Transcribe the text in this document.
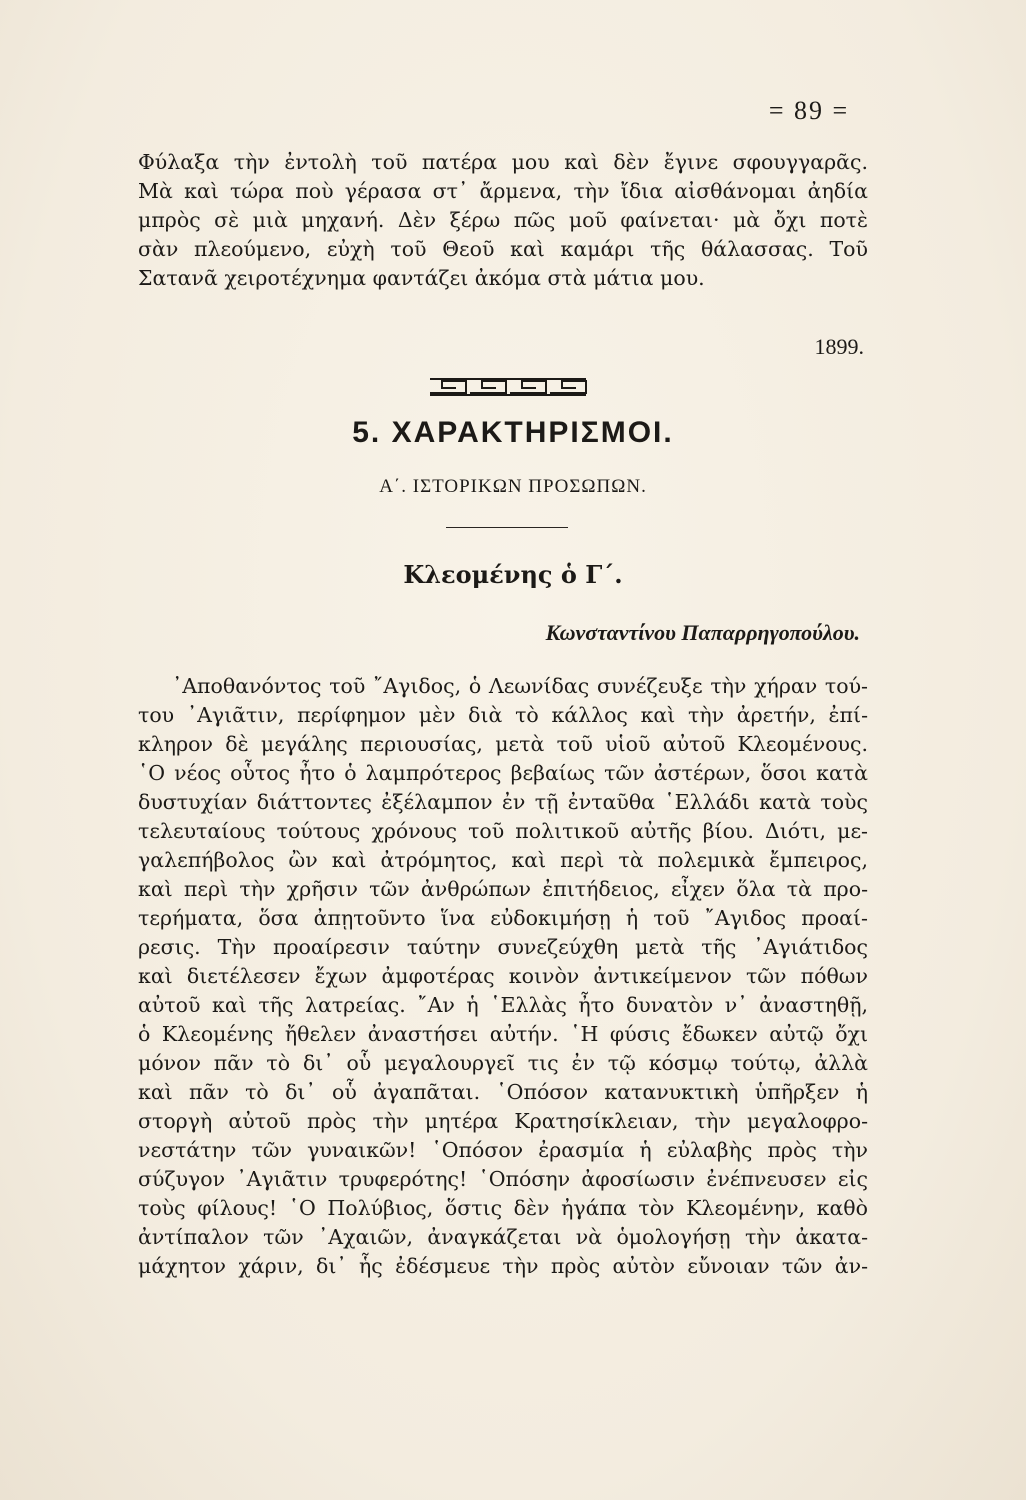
= 89 =
Φύλαξα τὴν ἐντολὴ τοῦ πατέρα μου καὶ δὲν ἔγινε σφουγγαρᾶς.
Μὰ καὶ τώρα ποὺ γέρασα στ᾽ ἄρμενα, τὴν ἴδια αἰσθάνομαι ἀηδία
μπρὸς σὲ μιὰ μηχανή. Δὲν ξέρω πῶς μοῦ φαίνεται· μὰ ὄχι ποτὲ
σὰν πλεούμενο, εὐχὴ τοῦ Θεοῦ καὶ καμάρι τῆς θάλασσας. Τοῦ
Σατανᾶ χειροτέχνημα φαντάζει ἀκόμα στὰ μάτια μου.
1899.
5. ΧΑΡΑΚΤΗΡΙΣΜΟΙ.
Α΄. ΙΣΤΟΡΙΚΩΝ ΠΡΟΣΩΠΩΝ.
Κλεομένης ὁ Γ΄.
Κωνσταντίνου Παπαρρηγοπούλου.
᾽Αποθανόντος τοῦ ῎Αγιδος, ὁ Λεωνίδας συνέζευξε τὴν χήραν τού-
του ᾽Αγιᾶτιν, περίφημον μὲν διὰ τὸ κάλλος καὶ τὴν ἀρετήν, ἐπί-
κληρον δὲ μεγάλης περιουσίας, μετὰ τοῦ υἱοῦ αὐτοῦ Κλεομένους.
῾Ο νέος οὗτος ἦτο ὁ λαμπρότερος βεβαίως τῶν ἀστέρων, ὅσοι κατὰ
δυστυχίαν διάττοντες ἐξέλαμπον ἐν τῇ ἐνταῦθα ῾Ελλάδι κατὰ τοὺς
τελευταίους τούτους χρόνους τοῦ πολιτικοῦ αὐτῆς βίου. Διότι, με-
γαλεπήβολος ὢν καὶ ἀτρόμητος, καὶ περὶ τὰ πολεμικὰ ἔμπειρος,
καὶ περὶ τὴν χρῆσιν τῶν ἀνθρώπων ἐπιτήδειος, εἶχεν ὅλα τὰ προ-
τερήματα, ὅσα ἀπῃτοῦντο ἵνα εὐδοκιμήσῃ ἡ τοῦ ῎Αγιδος προαί-
ρεσις. Τὴν προαίρεσιν ταύτην συνεζεύχθη μετὰ τῆς ᾽Αγιάτιδος
καὶ διετέλεσεν ἔχων ἀμφοτέρας κοινὸν ἀντικείμενον τῶν πόθων
αὐτοῦ καὶ τῆς λατρείας. ῎Αν ἡ ῾Ελλὰς ἦτο δυνατὸν ν᾽ ἀναστηθῇ,
ὁ Κλεομένης ἤθελεν ἀναστήσει αὐτήν. ῾Η φύσις ἔδωκεν αὐτῷ ὄχι
μόνον πᾶν τὸ δι᾽ οὗ μεγαλουργεῖ τις ἐν τῷ κόσμῳ τούτῳ, ἀλλὰ
καὶ πᾶν τὸ δι᾽ οὗ ἀγαπᾶται. ῾Οπόσον κατανυκτικὴ ὑπῆρξεν ἡ
στοργὴ αὐτοῦ πρὸς τὴν μητέρα Κρατησίκλειαν, τὴν μεγαλοφρο-
νεστάτην τῶν γυναικῶν! ῾Οπόσον ἐρασμία ἡ εὐλαβὴς πρὸς τὴν
σύζυγον ᾽Αγιᾶτιν τρυφερότης! ῾Οπόσην ἀφοσίωσιν ἐνέπνευσεν εἰς
τοὺς φίλους! ῾Ο Πολύβιος, ὅστις δὲν ἠγάπα τὸν Κλεομένην, καθὸ
ἀντίπαλον τῶν ᾽Αχαιῶν, ἀναγκάζεται νὰ ὁμολογήσῃ τὴν ἀκατα-
μάχητον χάριν, δι᾽ ἧς ἐδέσμευε τὴν πρὸς αὐτὸν εὔνοιαν τῶν ἀν-
